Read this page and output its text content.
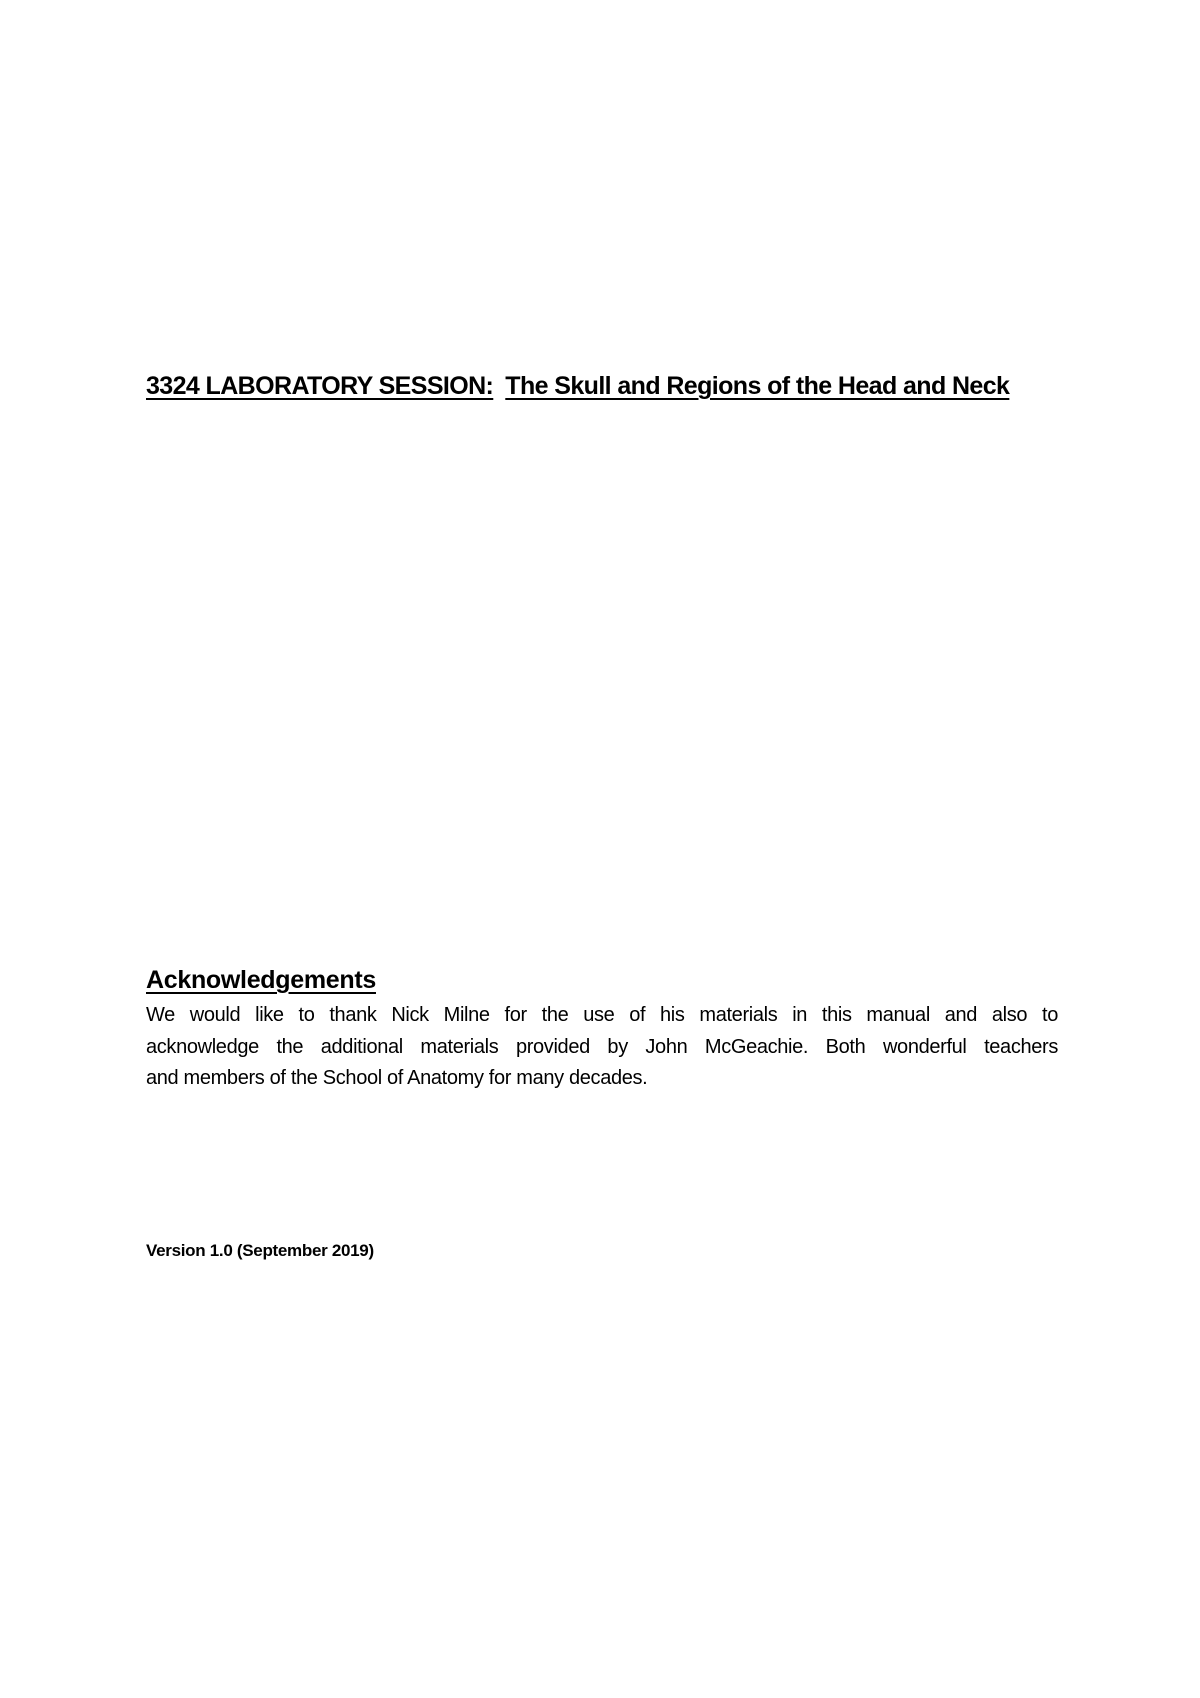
3324 LABORATORY SESSION: The Skull and Regions of the Head and Neck
Acknowledgements
We would like to thank Nick Milne for the use of his materials in this manual and also to
acknowledge the additional materials provided by John McGeachie. Both wonderful teachers
and members of the School of Anatomy for many decades.
Version 1.0 (September 2019)
